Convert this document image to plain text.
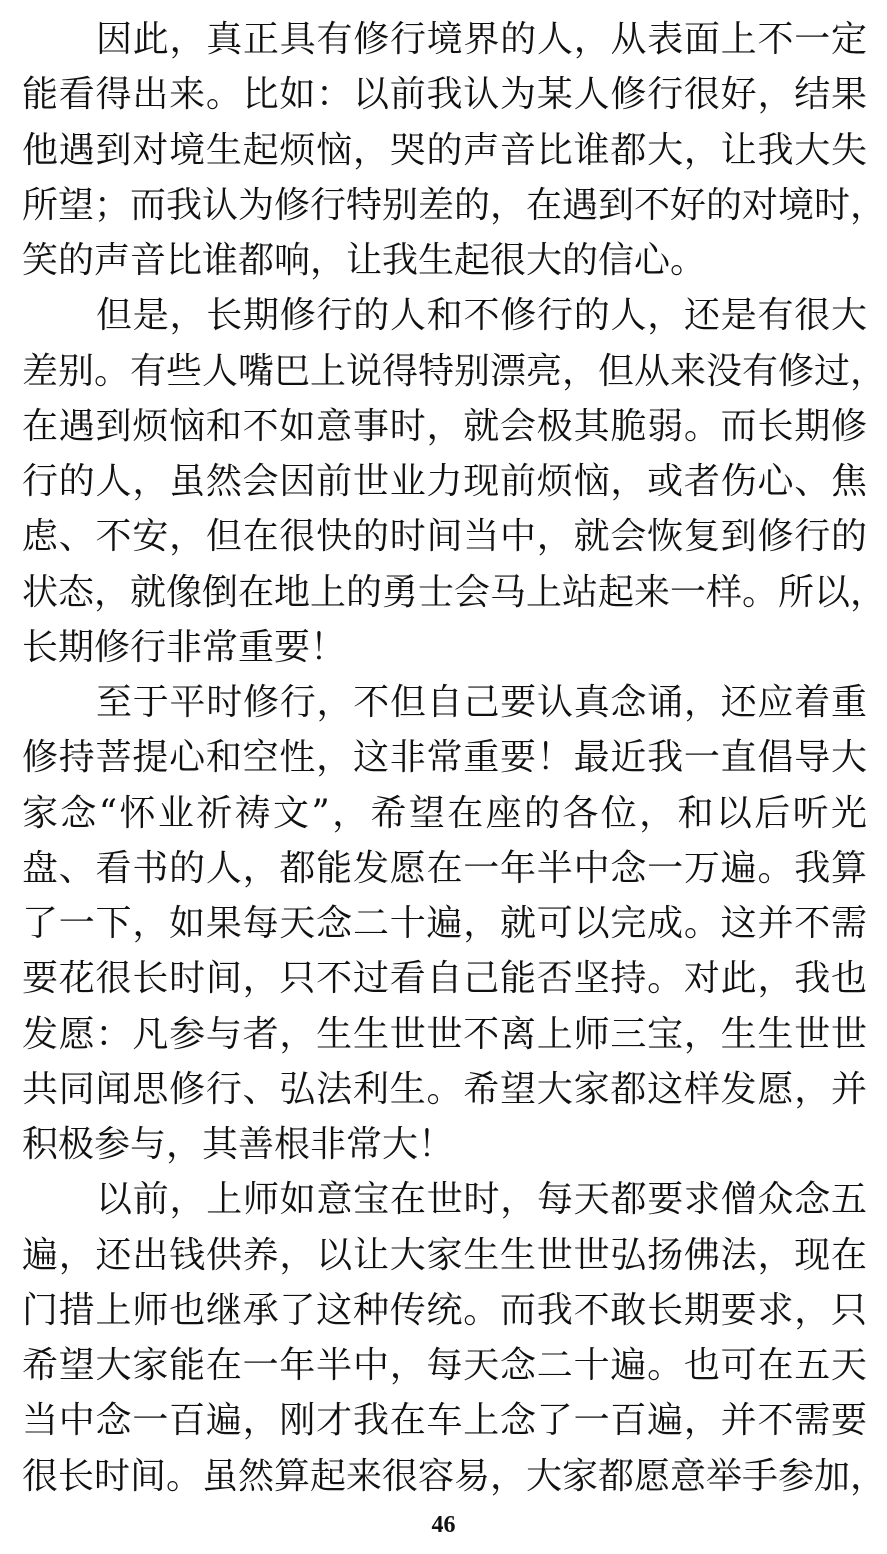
因此，真正具有修行境界的人，从表面上不一定
能看得出来。比如：以前我认为某人修行很好，结果
他遇到对境生起烦恼，哭的声音比谁都大，让我大失
所望；而我认为修行特别差的，在遇到不好的对境时，
笑的声音比谁都响，让我生起很大的信心。
但是，长期修行的人和不修行的人，还是有很大
差别。有些人嘴巴上说得特别漂亮，但从来没有修过，
在遇到烦恼和不如意事时，就会极其脆弱。而长期修
行的人，虽然会因前世业力现前烦恼，或者伤心、焦
虑、不安，但在很快的时间当中，就会恢复到修行的
状态，就像倒在地上的勇士会马上站起来一样。所以，
长期修行非常重要！
至于平时修行，不但自己要认真念诵，还应着重
修持菩提心和空性，这非常重要！最近我一直倡导大
家念“怀业祈祷文”，希望在座的各位，和以后听光
盘、看书的人，都能发愿在一年半中念一万遍。我算
了一下，如果每天念二十遍，就可以完成。这并不需
要花很长时间，只不过看自己能否坚持。对此，我也
发愿：凡参与者，生生世世不离上师三宝，生生世世
共同闻思修行、弘法利生。希望大家都这样发愿，并
积极参与，其善根非常大！
以前，上师如意宝在世时，每天都要求僧众念五
遍，还出钱供养，以让大家生生世世弘扬佛法，现在
门措上师也继承了这种传统。而我不敢长期要求，只
希望大家能在一年半中，每天念二十遍。也可在五天
当中念一百遍，刚才我在车上念了一百遍，并不需要
很长时间。虽然算起来很容易，大家都愿意举手参加，
46
